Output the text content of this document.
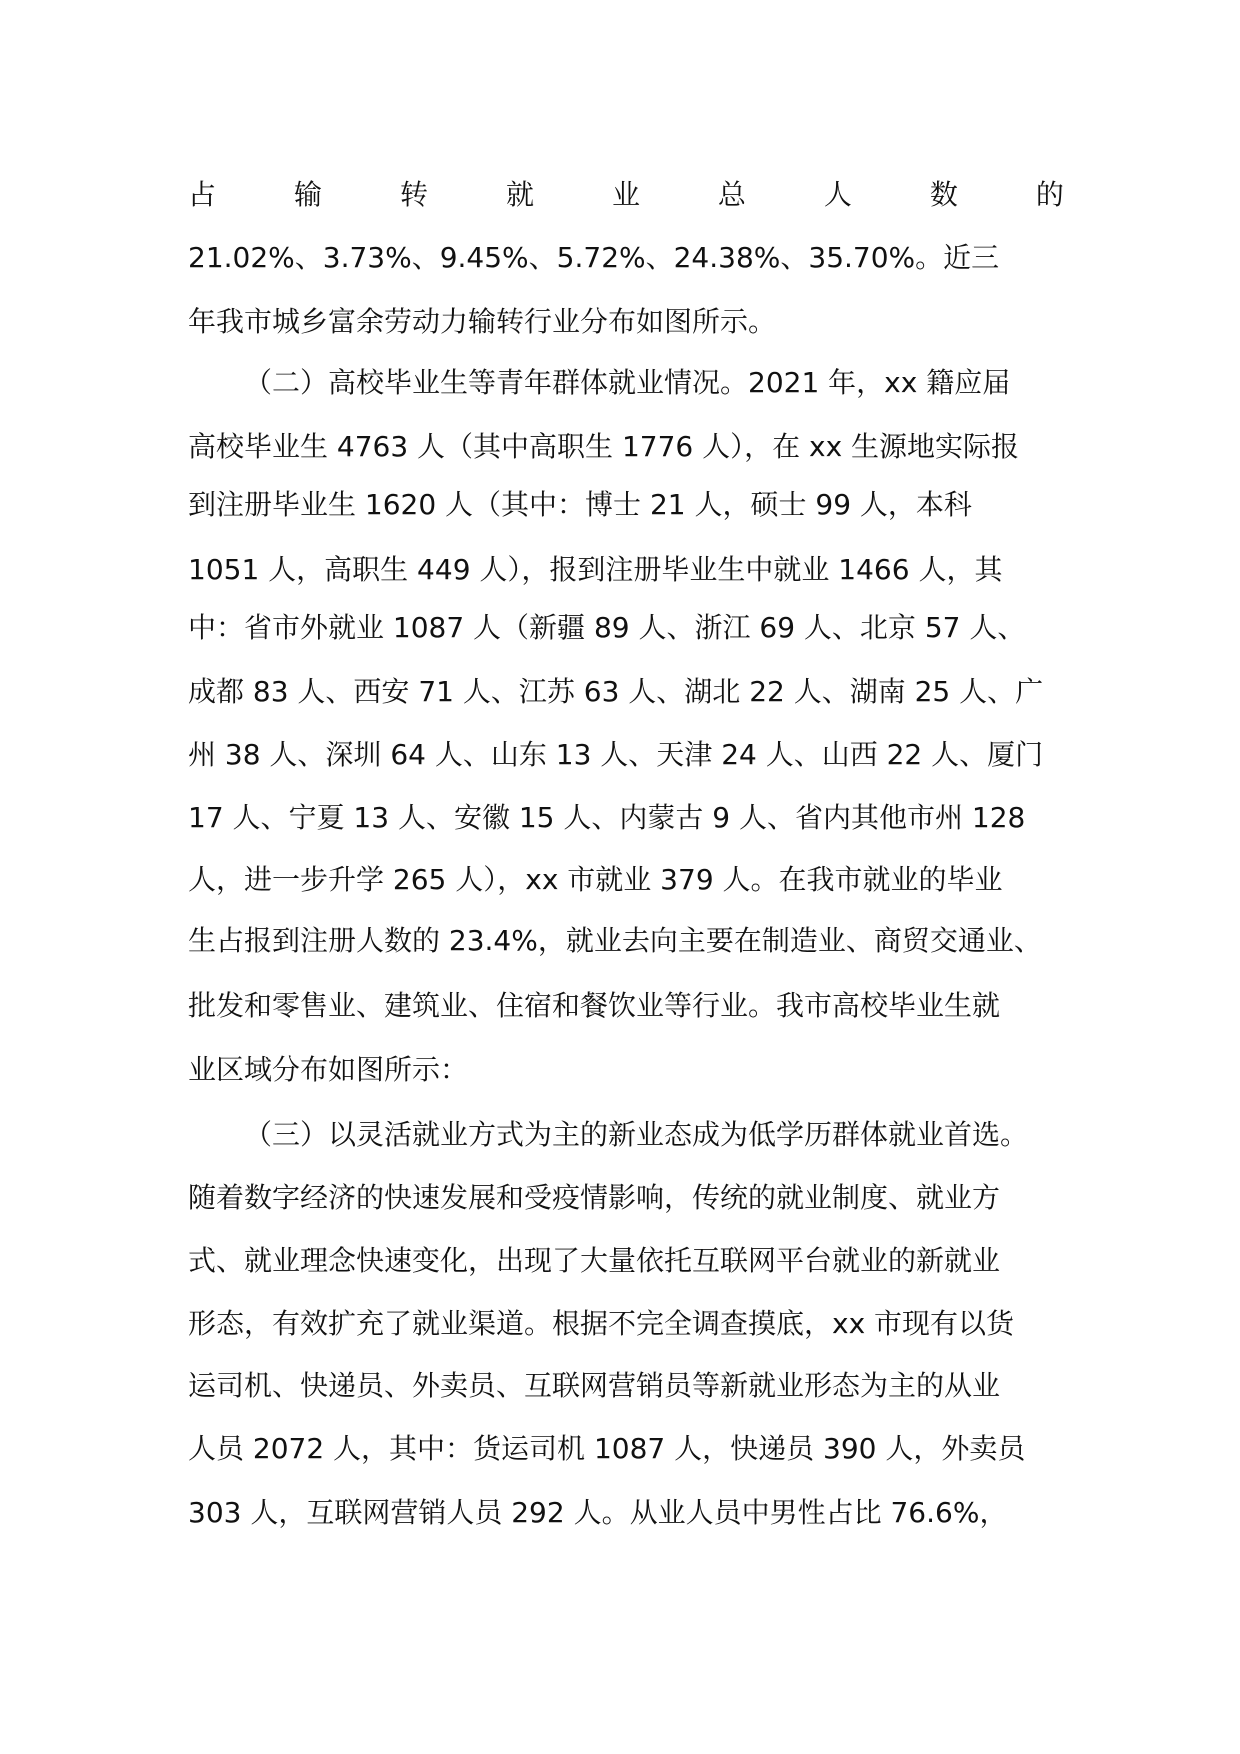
占	输	转	就	业	总	人	数	的
21.02%、3.73%、9.45%、5.72%、24.38%、35.70%。近三
年我市城乡富余劳动力输转行业分布如图所示。
（二）高校毕业生等青年群体就业情况。2021 年，xx 籍应届
高校毕业生 4763 人（其中高职生 1776 人），在 xx 生源地实际报
到注册毕业生 1620 人（其中：博士 21 人，硕士 99 人，本科
1051 人，高职生 449 人），报到注册毕业生中就业 1466 人，其
中：省市外就业 1087 人（新疆 89 人、浙江 69 人、北京 57 人、
成都 83 人、西安 71 人、江苏 63 人、湖北 22 人、湖南 25 人、广
州 38 人、深圳 64 人、山东 13 人、天津 24 人、山西 22 人、厦门
17 人、宁夏 13 人、安徽 15 人、内蒙古 9 人、省内其他市州 128
人，进一步升学 265 人），xx 市就业 379 人。在我市就业的毕业
生占报到注册人数的 23.4%，就业去向主要在制造业、商贸交通业、
批发和零售业、建筑业、住宿和餐饮业等行业。我市高校毕业生就
业区域分布如图所示：
（三）以灵活就业方式为主的新业态成为低学历群体就业首选。
随着数字经济的快速发展和受疫情影响，传统的就业制度、就业方
式、就业理念快速变化，出现了大量依托互联网平台就业的新就业
形态，有效扩充了就业渠道。根据不完全调查摸底，xx 市现有以货
运司机、快递员、外卖员、互联网营销员等新就业形态为主的从业
人员 2072 人，其中：货运司机 1087 人，快递员 390 人，外卖员
303 人，互联网营销人员 292 人。从业人员中男性占比 76.6%，
